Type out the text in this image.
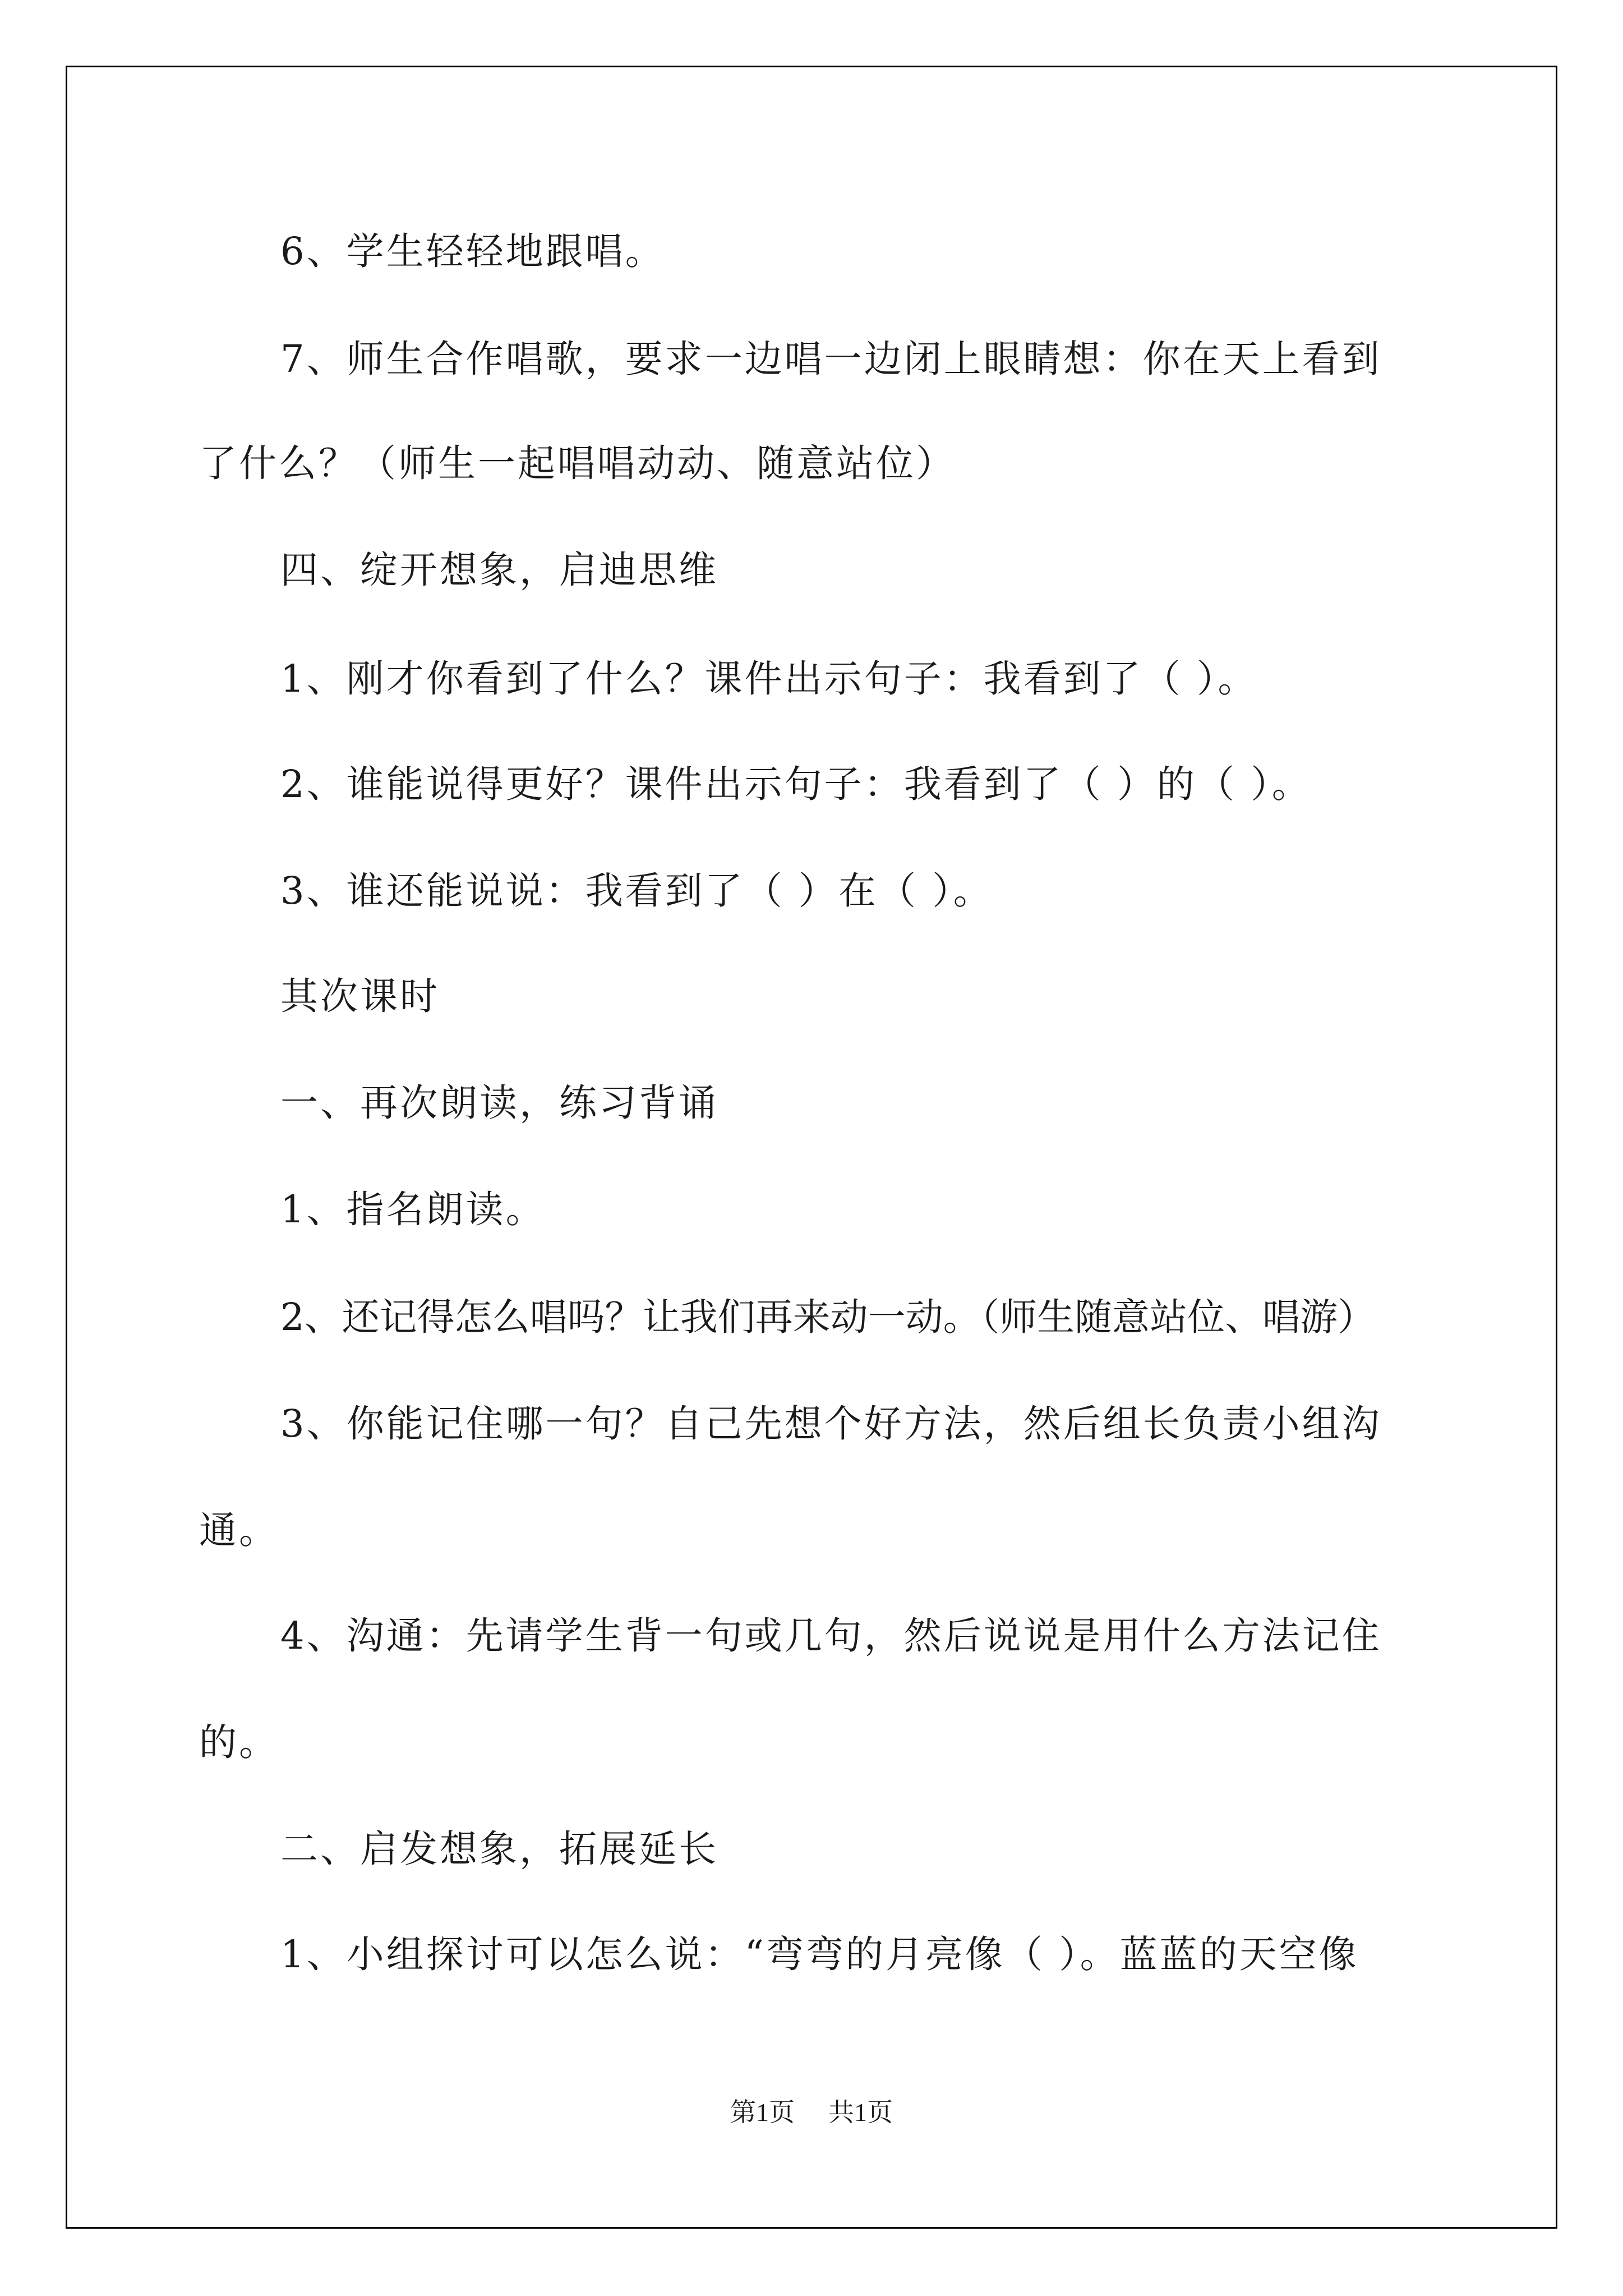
6、学生轻轻地跟唱。
7、师生合作唱歌，要求一边唱一边闭上眼睛想：你在天上看到
了什么？（师生一起唱唱动动、随意站位）
四、绽开想象，启迪思维
1、刚才你看到了什么？课件出示句子：我看到了（ ）。
2、谁能说得更好？课件出示句子：我看到了（ ）的（ ）。
3、谁还能说说：我看到了（ ）在（ ）。
其次课时
一、再次朗读，练习背诵
1、指名朗读。
2、还记得怎么唱吗？让我们再来动一动。（师生随意站位、唱游）
3、你能记住哪一句？自己先想个好方法，然后组长负责小组沟
通。
4、沟通：先请学生背一句或几句，然后说说是用什么方法记住
的。
二、启发想象，拓展延长
1、小组探讨可以怎么说：“弯弯的月亮像（ ）。蓝蓝的天空像
第1页 共1页
